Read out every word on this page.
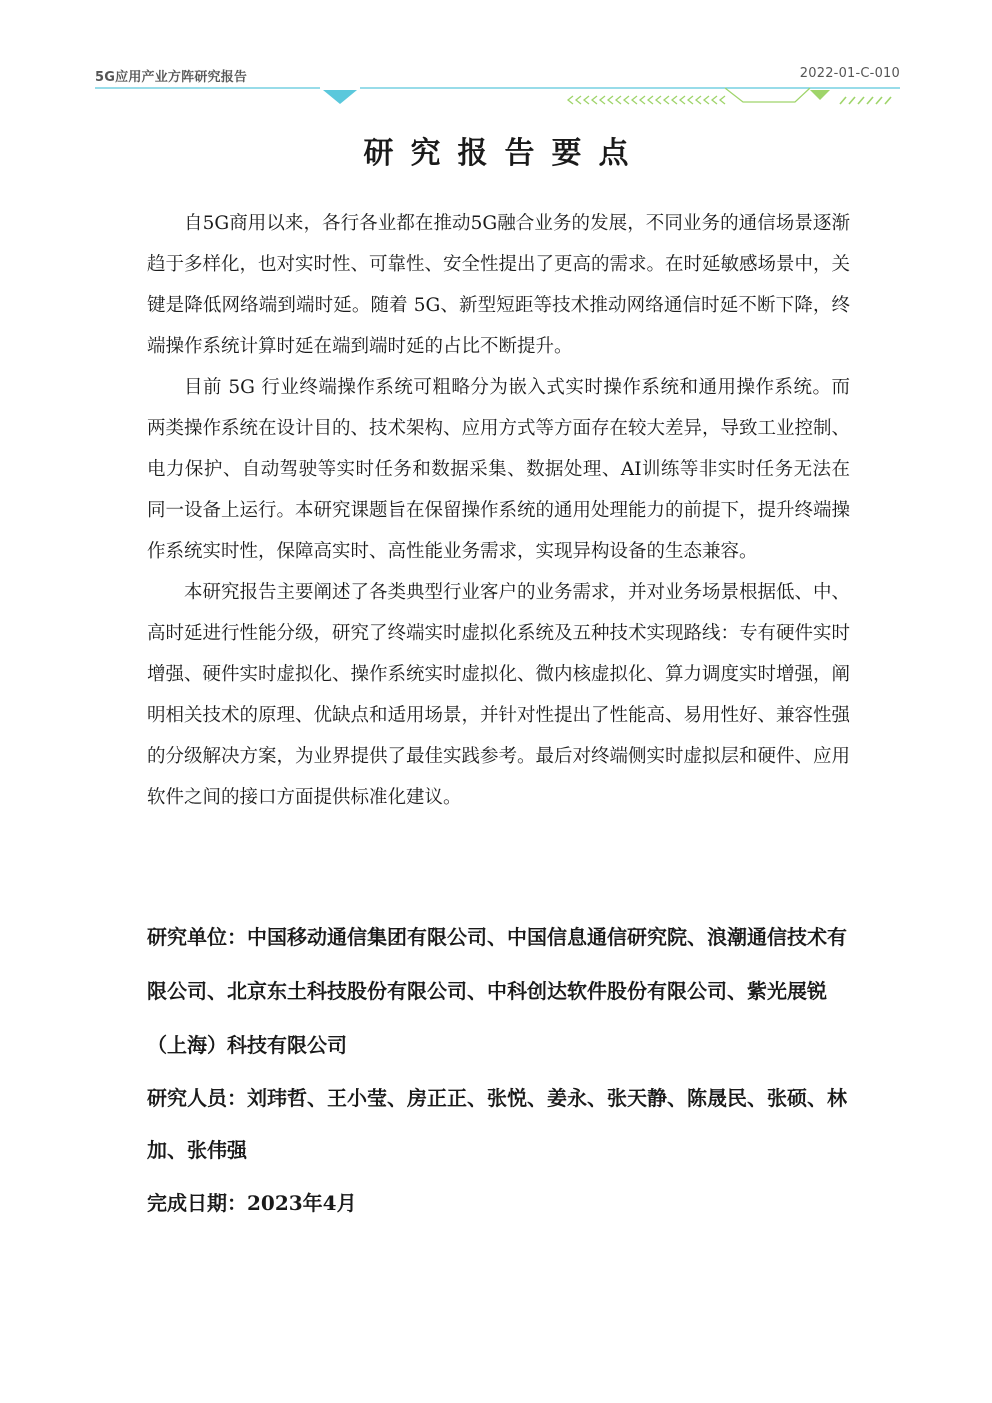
5G应用产业方阵研究报告	2022-01-C-010
研究报告要点

自5G商用以来，各行各业都在推动5G融合业务的发展，不同业务的通信场景逐渐趋于多样化，也对实时性、可靠性、安全性提出了更高的需求。在时延敏感场景中，关键是降低网络端到端时延。随着 5G、新型短距等技术推动网络通信时延不断下降，终端操作系统计算时延在端到端时延的占比不断提升。

目前 5G 行业终端操作系统可粗略分为嵌入式实时操作系统和通用操作系统。而两类操作系统在设计目的、技术架构、应用方式等方面存在较大差异，导致工业控制、电力保护、自动驾驶等实时任务和数据采集、数据处理、AI训练等非实时任务无法在同一设备上运行。本研究课题旨在保留操作系统的通用处理能力的前提下，提升终端操作系统实时性，保障高实时、高性能业务需求，实现异构设备的生态兼容。

本研究报告主要阐述了各类典型行业客户的业务需求，并对业务场景根据低、中、高时延进行性能分级，研究了终端实时虚拟化系统及五种技术实现路线：专有硬件实时增强、硬件实时虚拟化、操作系统实时虚拟化、微内核虚拟化、算力调度实时增强，阐明相关技术的原理、优缺点和适用场景，并针对性提出了性能高、易用性好、兼容性强的分级解决方案，为业界提供了最佳实践参考。最后对终端侧实时虚拟层和硬件、应用软件之间的接口方面提供标准化建议。

研究单位：中国移动通信集团有限公司、中国信息通信研究院、浪潮通信技术有限公司、北京东土科技股份有限公司、中科创达软件股份有限公司、紫光展锐（上海）科技有限公司

研究人员：刘玮哲、王小莹、房正正、张悦、姜永、张天静、陈晟民、张硕、林加、张伟强

完成日期：2023年4月
